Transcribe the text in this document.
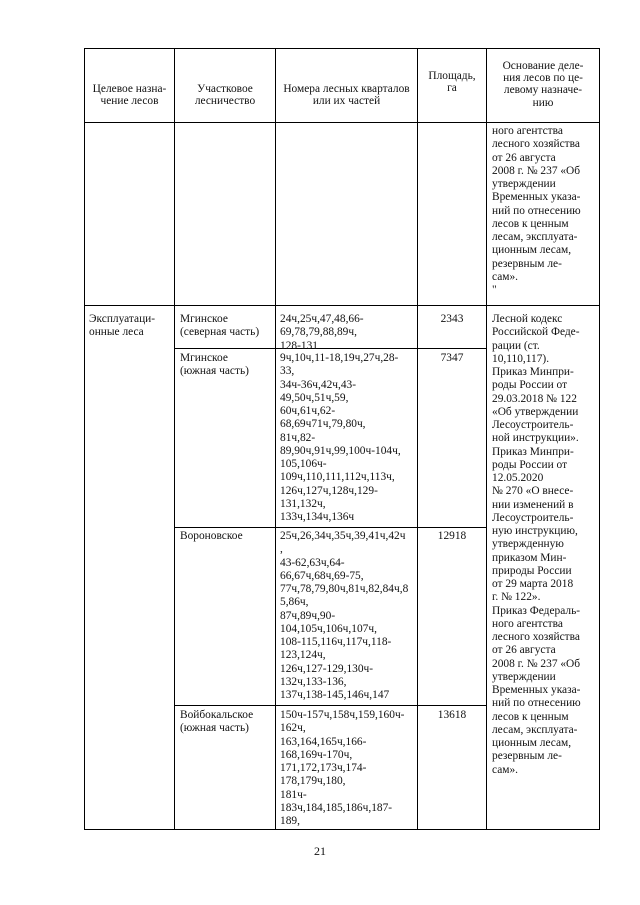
Целевое назна-
чение лесов
Участковое
лесничество
Номера лесных кварталов
или их частей
Площадь,
га
Основание деле-
ния лесов по це-
левому назначе-
нию
ного агентства
лесного хозяйства
от 26 августа
2008 г. № 237 «Об
утверждении
Временных указа-
ний по отнесению
лесов к ценным
лесам, эксплуата-
ционным лесам,
резервным ле-
сам».
"
Эксплуатаци-
онные леса
Мгинское
(северная часть)
24ч,25ч,47,48,66-
69,78,79,88,89ч,
128-131
2343
Мгинское
(южная часть)
9ч,10ч,11-18,19ч,27ч,28-
33,
34ч-36ч,42ч,43-
49,50ч,51ч,59,
60ч,61ч,62-
68,69ч71ч,79,80ч,
81ч,82-
89,90ч,91ч,99,100ч-104ч,
105,106ч-
109ч,110,111,112ч,113ч,
126ч,127ч,128ч,129-
131,132ч,
133ч,134ч,136ч
7347
Вороновское	25ч,26,34ч,35ч,39,41ч,42ч
,
43-62,63ч,64-
66,67ч,68ч,69-75,
77ч,78,79,80ч,81ч,82,84ч,8
5,86ч,
87ч,89ч,90-
104,105ч,106ч,107ч,
108-115,116ч,117ч,118-
123,124ч,
126ч,127-129,130ч-
132ч,133-136,
137ч,138-145,146ч,147
12918
Войбокальское
(южная часть)
150ч-157ч,158ч,159,160ч-
162ч,
163,164,165ч,166-
168,169ч-170ч,
171,172,173ч,174-
178,179ч,180,
181ч-
183ч,184,185,186ч,187-
189,
13618
Лесной кодекс
Российской Феде-
рации (ст.
10,110,117).
Приказ Минпри-
роды России от
29.03.2018 № 122
«Об утверждении
Лесоустроитель-
ной инструкции».
Приказ Минпри-
роды России от
12.05.2020
№ 270 «О внесе-
нии изменений в
Лесоустроитель-
ную инструкцию,
утвержденную
приказом Мин-
природы России
от 29 марта 2018
г. № 122».
Приказ Федераль-
ного агентства
лесного хозяйства
от 26 августа
2008 г. № 237 «Об
утверждении
Временных указа-
ний по отнесению
лесов к ценным
лесам, эксплуата-
ционным лесам,
резервным ле-
сам».
21
